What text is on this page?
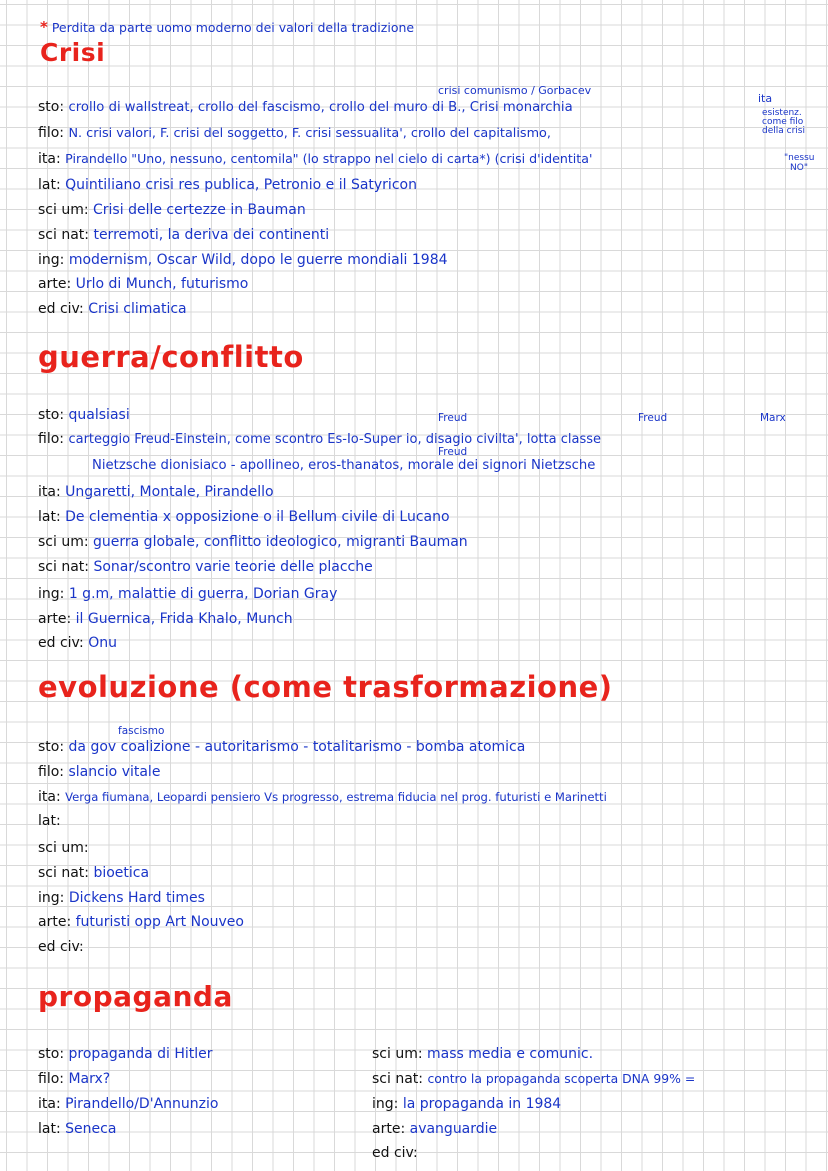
* Perdita da parte uomo moderno dei valori della tradizione
Crisi
crisi comunismo / Gorbacev
ita
esistenz.
come filo
della crisi
"nessu
NO"
sto: crollo di wallstreat, crollo del fascismo, crollo del muro di B., Crisi monarchia
filo: N. crisi valori, F. crisi del soggetto, F. crisi sessualita', crollo del capitalismo,
ita: Pirandello "Uno, nessuno, centomila" (lo strappo nel cielo di carta*) (crisi d'identita'
lat: Quintiliano crisi res publica, Petronio e il Satyricon
sci um: Crisi delle certezze in Bauman
sci nat: terremoti, la deriva dei continenti
ing: modernism, Oscar Wild, dopo le guerre mondiali 1984
arte: Urlo di Munch, futurismo
ed civ: Crisi climatica
guerra/conflitto
Freud	Freud	Marx
Freud
sto: qualsiasi
filo: carteggio Freud-Einstein, come scontro Es-Io-Super io, disagio civilta', lotta classe
Nietzsche dionisiaco - apollineo, eros-thanatos, morale dei signori Nietzsche
ita: Ungaretti, Montale, Pirandello
lat: De clementia x opposizione o il Bellum civile di Lucano
sci um: guerra globale, conflitto ideologico, migranti Bauman
sci nat: Sonar/scontro varie teorie delle placche
ing: 1 g.m, malattie di guerra, Dorian Gray
arte: il Guernica, Frida Khalo, Munch
ed civ: Onu
evoluzione (come trasformazione)
fascismo
sto: da gov coalizione - autoritarismo - totalitarismo - bomba atomica
filo: slancio vitale
ita: Verga fiumana, Leopardi pensiero Vs progresso, estrema fiducia nel prog. futuristi e Marinetti
lat:
sci um:
sci nat: bioetica
ing: Dickens Hard times
arte: futuristi opp Art Nouveo
ed civ:
propaganda
sto: propaganda di Hitler
filo: Marx?
ita: Pirandello/D'Annunzio
lat: Seneca
sci um: mass media e comunic.
sci nat: contro la propaganda scoperta DNA 99% =
ing: la propaganda in 1984
arte: avanguardie
ed civ:
